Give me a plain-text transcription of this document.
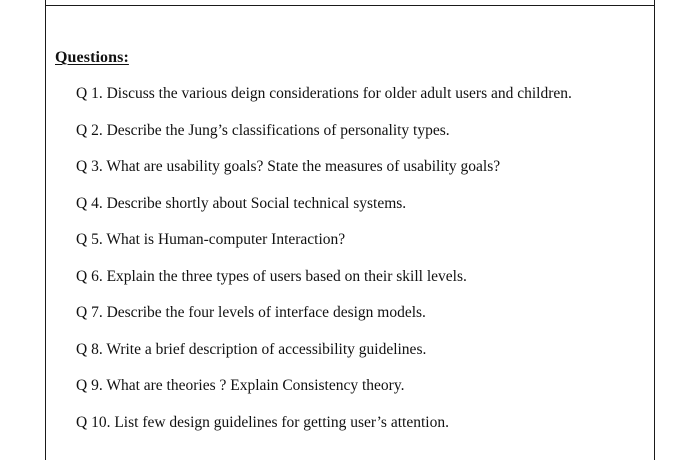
Questions:
Q 1. Discuss the various deign considerations for older adult users and children.
Q 2. Describe the Jung’s classifications of personality types.
Q 3. What are usability goals? State the measures of usability goals?
Q 4. Describe shortly about Social technical systems.
Q 5. What is Human-computer Interaction?
Q 6. Explain the three types of users based on their skill levels.
Q 7. Describe the four levels of interface design models.
Q 8. Write a brief description of accessibility guidelines.
Q 9. What are theories ? Explain Consistency theory.
Q 10. List few design guidelines for getting user’s attention.
